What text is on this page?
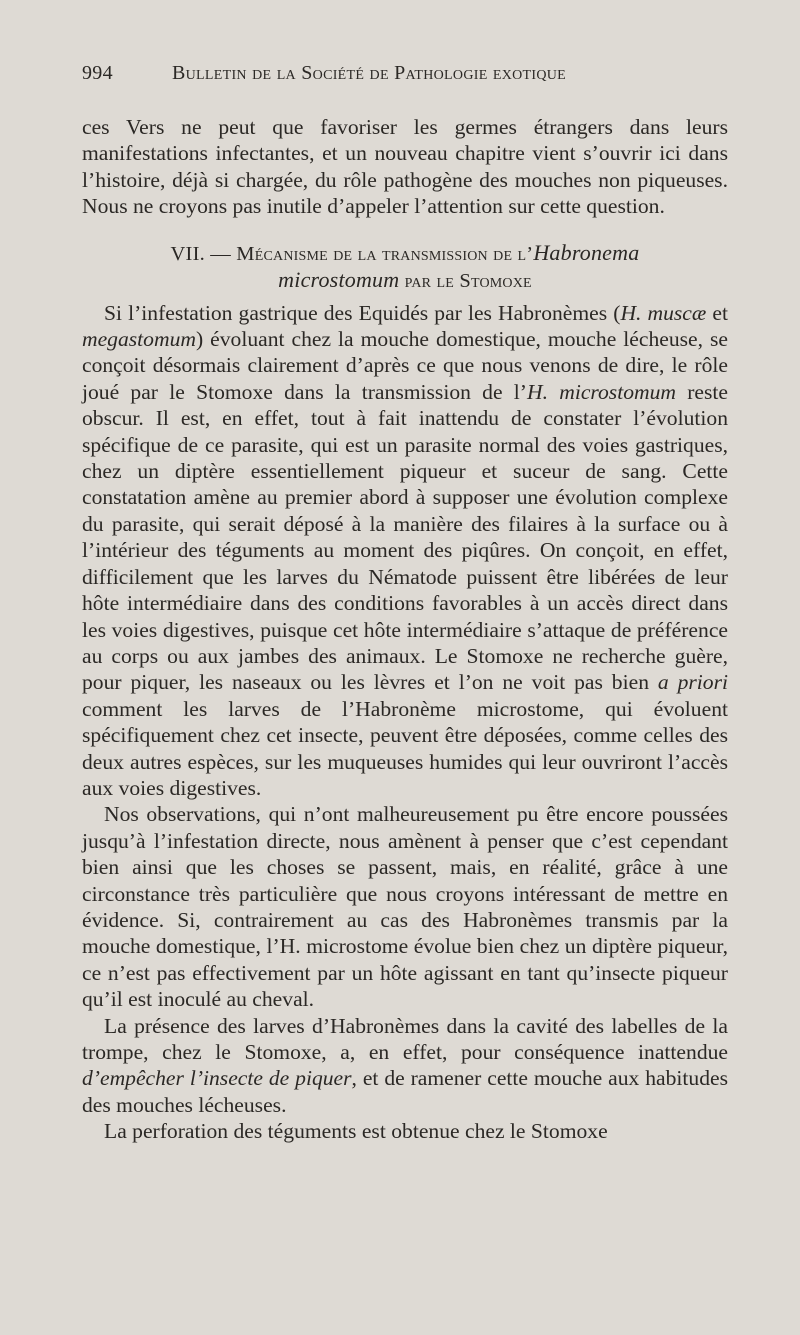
994	Bulletin de la Société de Pathologie exotique

ces Vers ne peut que favoriser les germes étrangers dans leurs manifestations infectantes, et un nouveau chapitre vient s’ouvrir ici dans l’histoire, déjà si chargée, du rôle pathogène des mouches non piqueuses. Nous ne croyons pas inutile d’appeler l’attention sur cette question.

VII. — Mécanisme de la transmission de l’Habronema
microstomum par le Stomoxe

Si l’infestation gastrique des Equidés par les Habronèmes (H. muscæ et megastomum) évoluant chez la mouche domestique, mouche lécheuse, se conçoit désormais clairement d’après ce que nous venons de dire, le rôle joué par le Stomoxe dans la transmission de l’H. microstomum reste obscur. Il est, en effet, tout à fait inattendu de constater l’évolution spécifique de ce parasite, qui est un parasite normal des voies gastriques, chez un diptère essentiellement piqueur et suceur de sang. Cette constatation amène au premier abord à supposer une évolution complexe du parasite, qui serait déposé à la manière des filaires à la surface ou à l’intérieur des téguments au moment des piqûres. On conçoit, en effet, difficilement que les larves du Nématode puissent être libérées de leur hôte intermédiaire dans des conditions favorables à un accès direct dans les voies digestives, puisque cet hôte intermédiaire s’attaque de préférence au corps ou aux jambes des animaux. Le Stomoxe ne recherche guère, pour piquer, les naseaux ou les lèvres et l’on ne voit pas bien a priori comment les larves de l’Habronème microstome, qui évoluent spécifiquement chez cet insecte, peuvent être déposées, comme celles des deux autres espèces, sur les muqueuses humides qui leur ouvriront l’accès aux voies digestives.

Nos observations, qui n’ont malheureusement pu être encore poussées jusqu’à l’infestation directe, nous amènent à penser que c’est cependant bien ainsi que les choses se passent, mais, en réalité, grâce à une circonstance très particulière que nous croyons intéressant de mettre en évidence. Si, contrairement au cas des Habronèmes transmis par la mouche domestique, l’H. microstome évolue bien chez un diptère piqueur, ce n’est pas effectivement par un hôte agissant en tant qu’insecte piqueur qu’il est inoculé au cheval.

La présence des larves d’Habronèmes dans la cavité des labelles de la trompe, chez le Stomoxe, a, en effet, pour conséquence inattendue d’empêcher l’insecte de piquer, et de ramener cette mouche aux habitudes des mouches lécheuses.

La perforation des téguments est obtenue chez le Stomoxe
